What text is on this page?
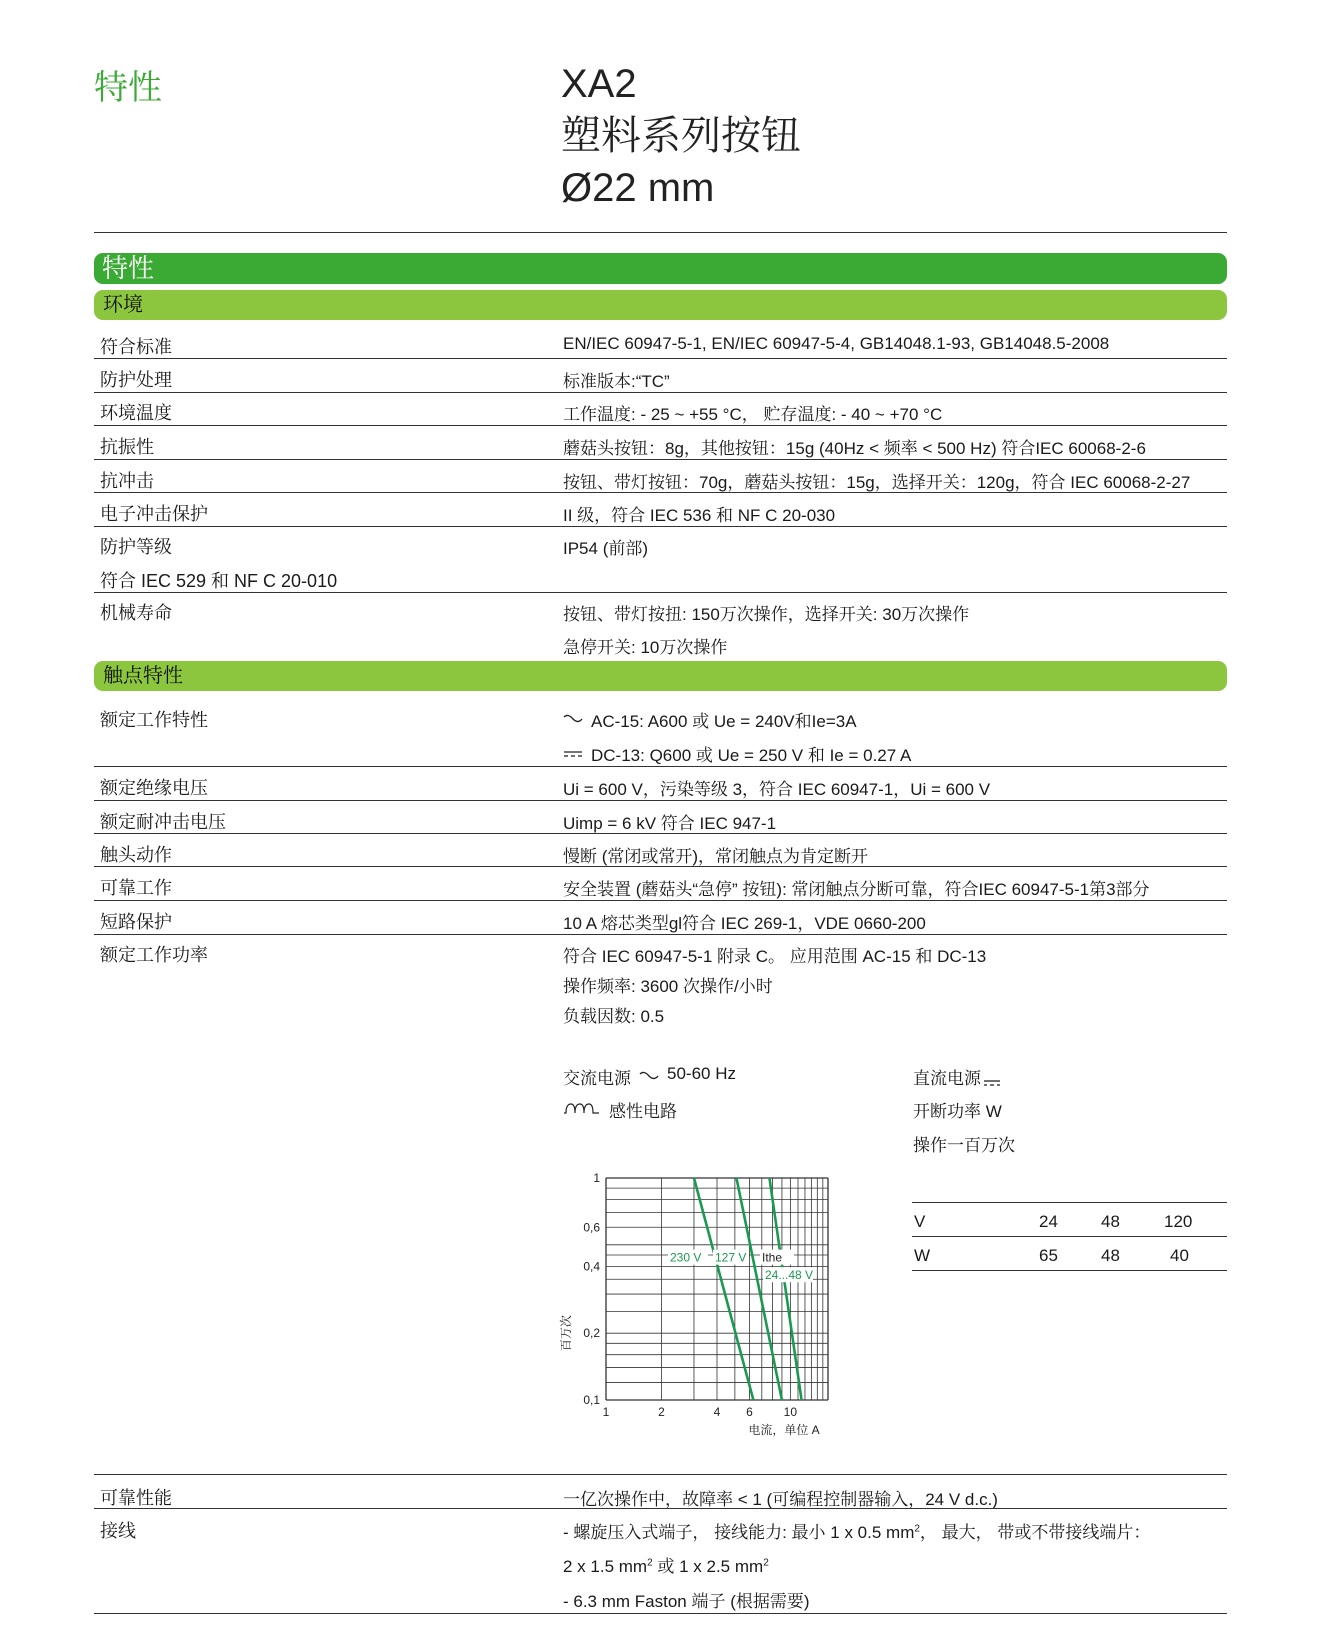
特性	XA2
塑料系列按钮
Ø22 mm
特性
环境
符合标准	EN/IEC 60947-5-1, EN/IEC 60947-5-4, GB14048.1-93, GB14048.5-2008
防护处理	标准版本:“TC”
环境温度	工作温度: - 25 ~ +55 °C， 贮存温度: - 40 ~ +70 °C
抗振性	蘑菇头按钮：8g，其他按钮：15g (40Hz < 频率 < 500 Hz) 符合IEC 60068-2-6
抗冲击	按钮、带灯按钮：70g，蘑菇头按钮：15g，选择开关：120g，符合 IEC 60068-2-27
电子冲击保护	II 级，符合 IEC 536 和 NF C 20-030
防护等级	IP54 (前部)
符合 IEC 529 和 NF C 20-010
机械寿命	按钮、带灯按扭: 150万次操作，选择开关: 30万次操作
急停开关: 10万次操作
触点特性
额定工作特性	AC-15: A600 或 Ue = 240V和Ie=3A
DC-13: Q600 或 Ue = 250 V 和 Ie = 0.27 A
额定绝缘电压	Ui = 600 V，污染等级 3，符合 IEC 60947-1，Ui = 600 V
额定耐冲击电压	Uimp = 6 kV 符合 IEC 947-1
触头动作	慢断 (常闭或常开)，常闭触点为肯定断开
可靠工作	安全装置 (蘑菇头“急停” 按钮): 常闭触点分断可靠，符合IEC 60947-5-1第3部分
短路保护	10 A 熔芯类型gl符合 IEC 269-1，VDE 0660-200
额定工作功率	符合 IEC 60947-5-1 附录 C。 应用范围 AC-15 和 DC-13
操作频率: 3600 次操作/小时
负载因数: 0.5
交流电源 50-60 Hz
感性电路
直流电源
开断功率 W
操作一百万次
V	24	48	120
W	65	48	40
1	2	4 6	10
1
0,6
0,4
0,2
0,1
电流，单位 A
百万次
230 V 127 V
24...48 V
Ithe
可靠性能	一亿次操作中，故障率 < 1 (可编程控制器输入，24 V d.c.)
接线	- 螺旋压入式端子， 接线能力: 最小 1 x 0.5 $mm^2$， 最大， 带或不带接线端片：
2 x 1.5 $mm^2$ 或 1 x 2.5 $mm^2$
- 6.3 mm Faston 端子 (根据需要)
